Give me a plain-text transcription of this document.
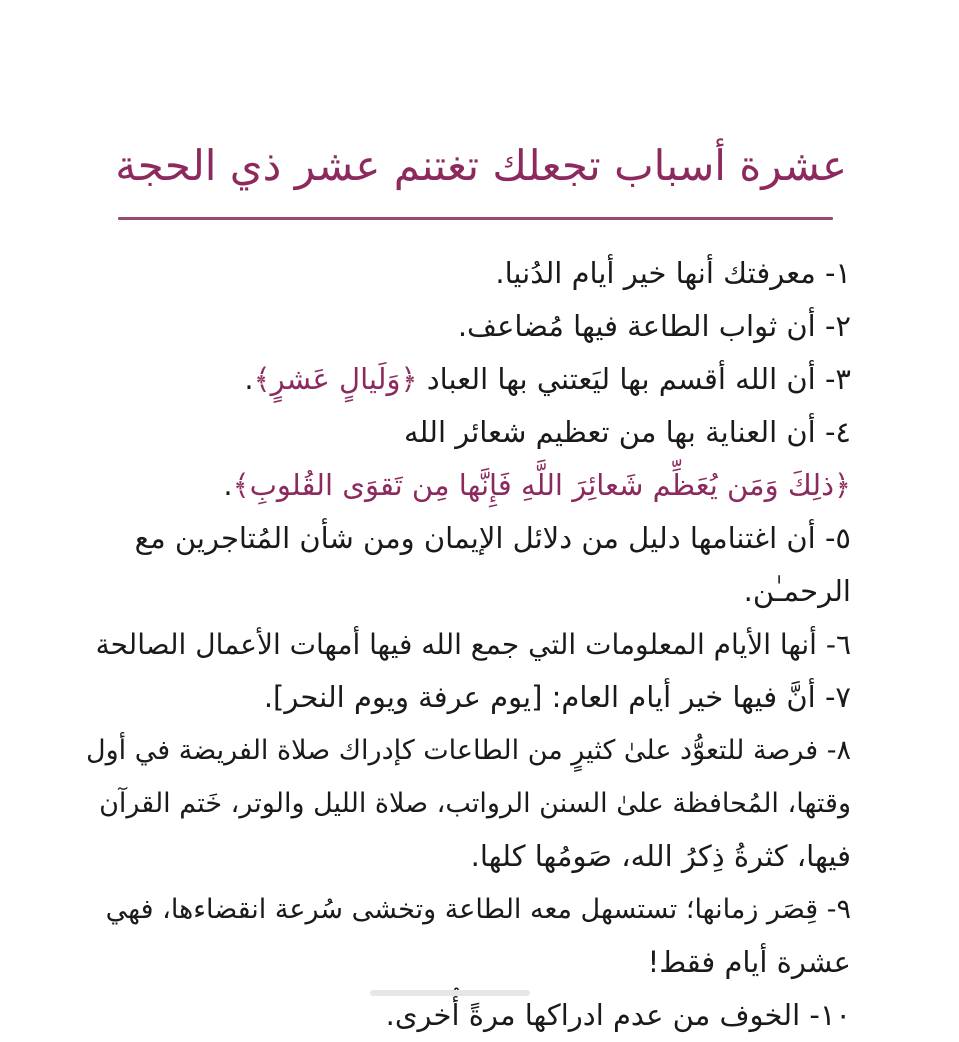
عشرة أسباب تجعلك تغتنم عشر ذي الحجة
١- معرفتك أنها خير أيام الدُنيا.
٢- أن ثواب الطاعة فيها مُضاعف.
٣- أن الله أقسم بها ليَعتني بها العباد ﴿وَلَيالٍ عَشرٍ﴾.
٤- أن العناية بها من تعظيم شعائر الله
﴿ذلِكَ وَمَن يُعَظِّم شَعائِرَ اللَّهِ فَإِنَّها مِن تَقوَى القُلوبِ﴾.
٥- أن اغتنامها دليل من دلائل الإيمان ومن شأن المُتاجرين مع
الرحمـٰن.
٦- أنها الأيام المعلومات التي جمع الله فيها أمهات الأعمال الصالحة
٧- أنَّ فيها خير أيام العام: [يوم عرفة ويوم النحر].
٨- فرصة للتعوُّد علىٰ كثيرٍ من الطاعات كإدراك صلاة الفريضة في أول
وقتها، المُحافظة علىٰ السنن الرواتب، صلاة الليل والوتر، خَتم القرآن
فيها، كثرةُ ذِكرُ الله، صَومُها كلها.
٩- قِصَر زمانها؛ تستسهل معه الطاعة وتخشى سُرعة انقضاءها، فهي
عشرة أيام فقط!
١٠- الخوف من عدم ادراكها مرةً أُخرى.
